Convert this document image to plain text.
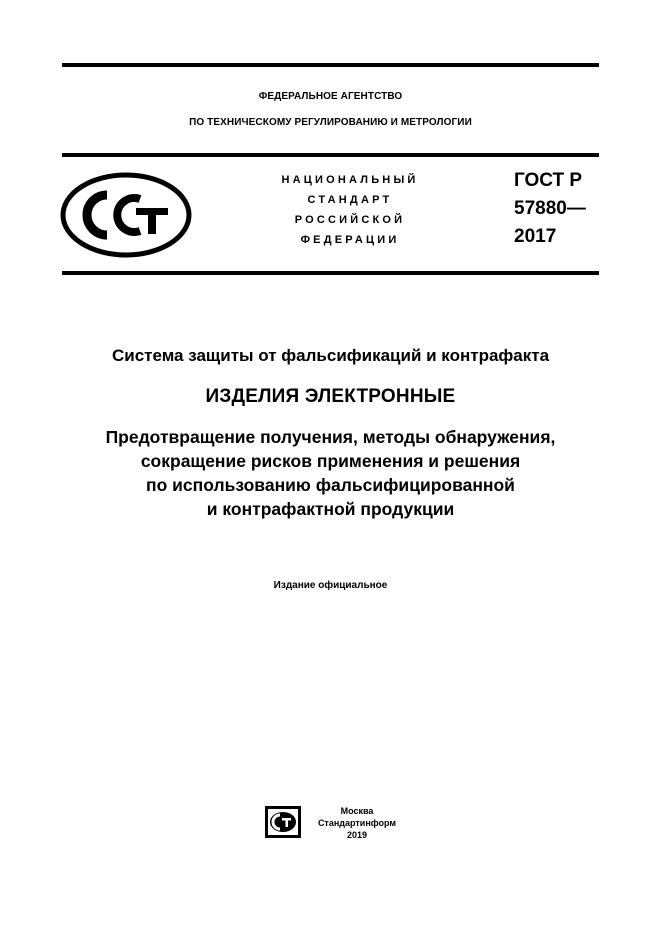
ФЕДЕРАЛЬНОЕ АГЕНТСТВО
ПО ТЕХНИЧЕСКОМУ РЕГУЛИРОВАНИЮ И МЕТРОЛОГИИ
НАЦИОНАЛЬНЫЙ
СТАНДАРТ
РОССИЙСКОЙ
ФЕДЕРАЦИИ
ГОСТ Р
57880—
2017
Система защиты от фальсификаций и контрафакта
ИЗДЕЛИЯ ЭЛЕКТРОННЫЕ
Предотвращение получения, методы обнаружения,
сокращение рисков применения и решения
по использованию фальсифицированной
и контрафактной продукции
Издание официальное
Москва
Стандартинформ
2019
